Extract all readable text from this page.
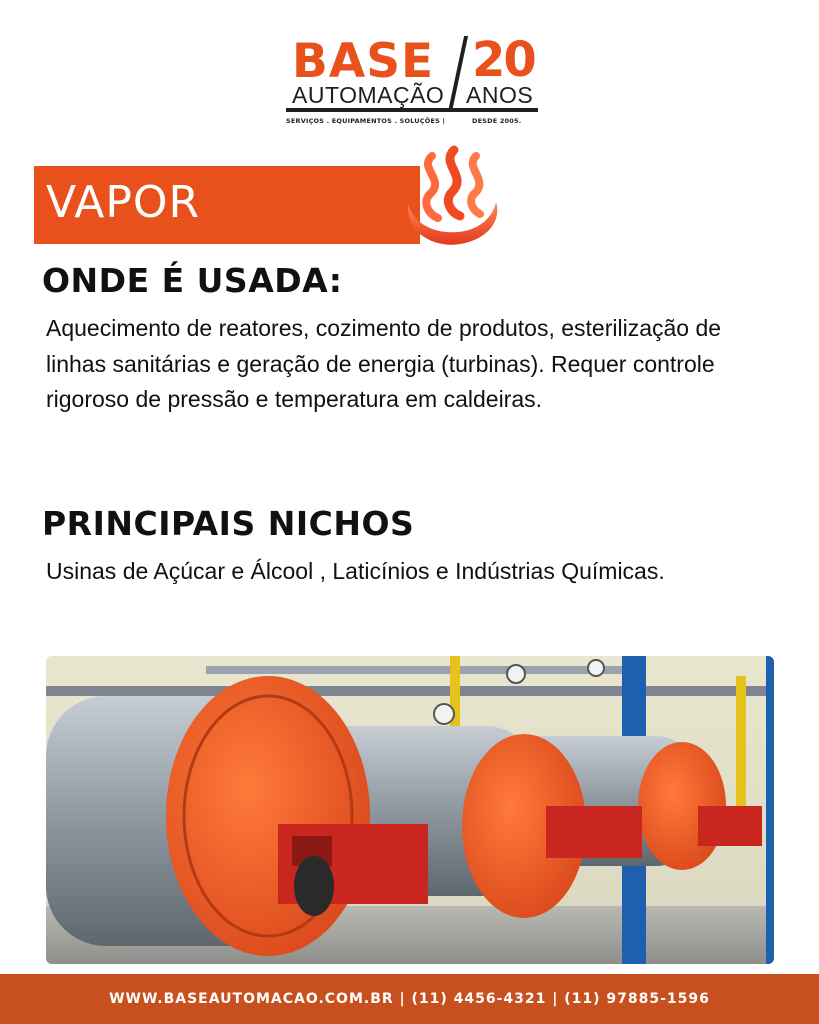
BASE 20
AUTOMAÇÃO ANOS
SERVIÇOS . EQUIPAMENTOS . SOLUÇÕES |	DESDE 2005.
VAPOR
ONDE É USADA:
Aquecimento de reatores, cozimento de produtos, esterilização de linhas sanitárias e geração de energia (turbinas). Requer controle rigoroso de pressão e temperatura em caldeiras.
PRINCIPAIS NICHOS
Usinas de Açúcar e Álcool , Laticínios e Indústrias Químicas.
WWW.BASEAUTOMACAO.COM.BR | (11) 4456-4321 | (11) 97885-1596
